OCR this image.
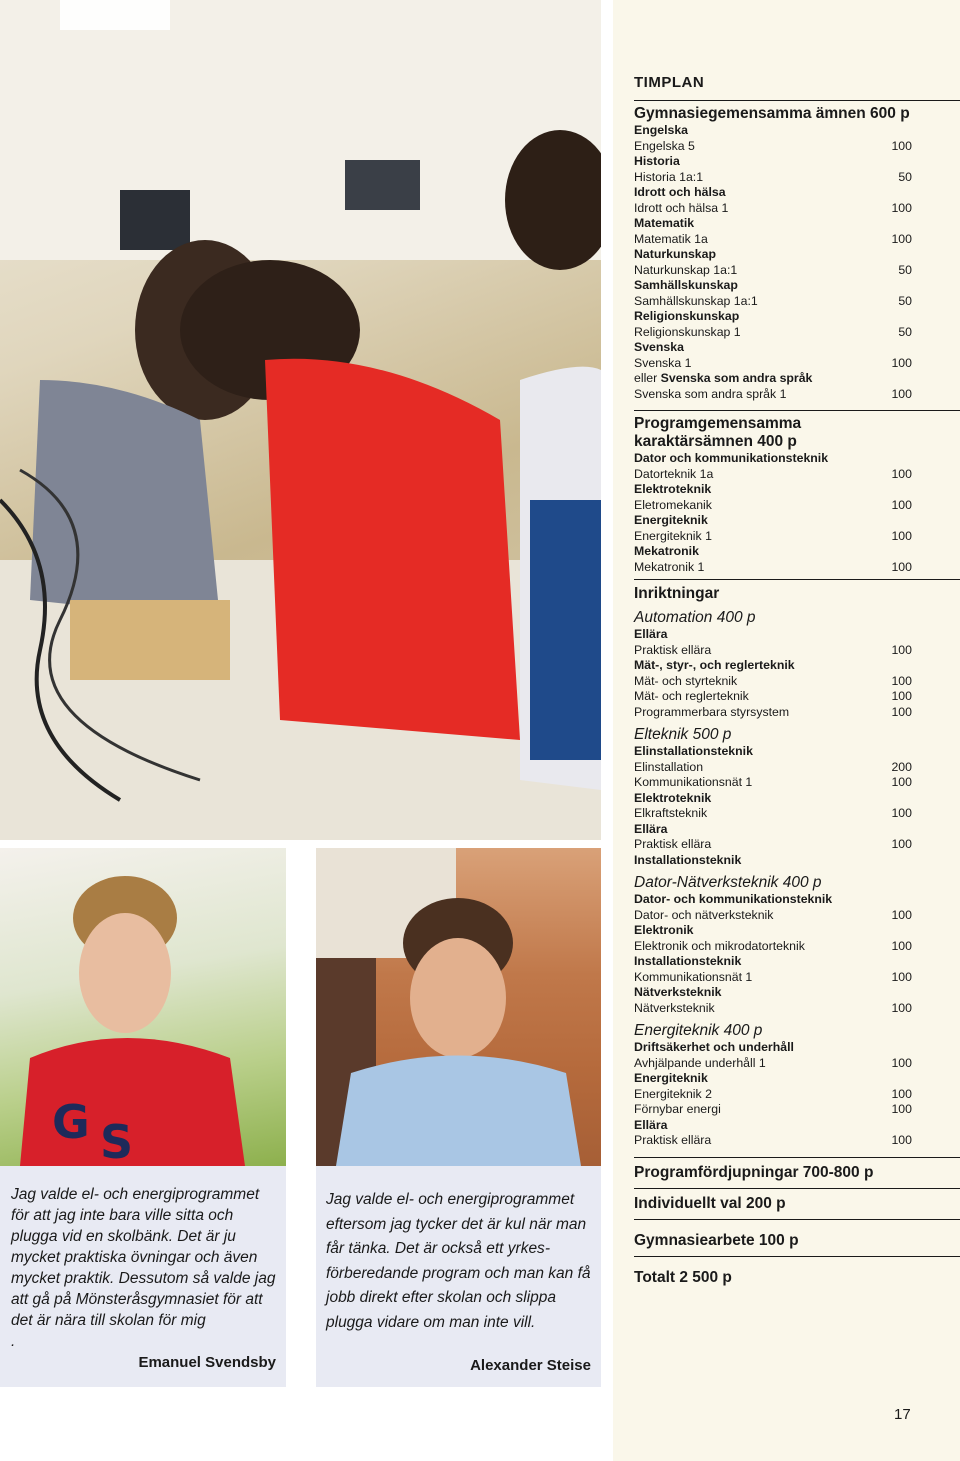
G S

Jag valde el- och energiprogrammet för att jag inte bara ville sitta och plugga vid en skolbänk. Det är ju mycket praktiska övningar och även mycket praktik. Dessutom så valde jag att gå på Mönsteråsgymnasiet för att det är nära till skolan för mig

.

Emanuel Svendsby

Jag valde el- och energiprogrammet eftersom jag tycker det är kul när man får tänka. Det är också ett yrkesförberedande program och man kan få jobb direkt efter skolan och slippa plugga vidare om man inte vill.

Alexander Steise
TIMPLAN
Gymnasiegemensamma ämnen 600 p
Engelska
Engelska 5	100
Historia
Historia 1a:1	50
Idrott och hälsa
Idrott och hälsa 1	100
Matematik
Matematik 1a	100
Naturkunskap
Naturkunskap 1a:1	50
Samhällskunskap
Samhällskunskap 1a:1	50
Religionskunskap
Religionskunskap 1	50
Svenska
Svenska 1	100
eller Svenska som andra språk
Svenska som andra språk 1	100
Programgemensamma
karaktärsämnen 400 p
Dator och kommunikationsteknik
Datorteknik 1a	100
Elektroteknik
Eletromekanik	100
Energiteknik
Energiteknik 1	100
Mekatronik
Mekatronik 1	100
Inriktningar
Automation 400 p
Ellära
Praktisk ellära	100
Mät-, styr-, och reglerteknik
Mät- och styrteknik	100
Mät- och reglerteknik	100
Programmerbara styrsystem	100
Elteknik 500 p
Elinstallationsteknik
Elinstallation	200
Kommunikationsnät 1	100
Elektroteknik
Elkraftsteknik	100
Ellära
Praktisk ellära	100
Installationsteknik
Dator-Nätverksteknik 400 p
Dator- och kommunikationsteknik
Dator- och nätverksteknik	100
Elektronik
Elektronik och mikrodatorteknik	100
Installationsteknik
Kommunikationsnät 1	100
Nätverksteknik
Nätverksteknik	100
Energiteknik 400 p
Driftsäkerhet och underhåll
Avhjälpande underhåll 1	100
Energiteknik
Energiteknik 2	100
Förnybar energi	100
Ellära
Praktisk ellära	100
Programfördjupningar 700-800 p
Individuellt val 200 p
Gymnasiearbete 100 p
Totalt 2 500 p
17
